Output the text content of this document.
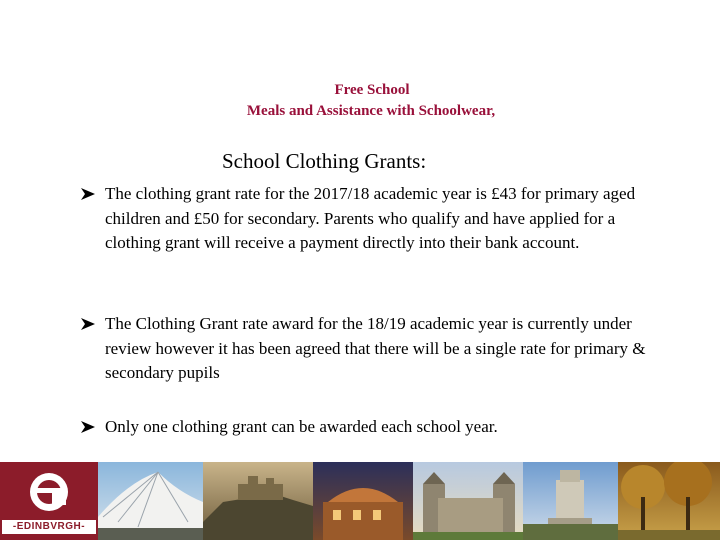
Free School
Meals and Assistance with Schoolwear,
School Clothing Grants:
The clothing grant rate for the 2017/18 academic year is £43 for primary aged children and £50 for secondary. Parents who qualify and have applied for a clothing grant will receive a payment directly into their bank account.
The Clothing Grant rate award for the 18/19 academic year is currently under review however it has been agreed that there will be a single rate for primary & secondary pupils
Only one clothing grant can be awarded each school year.
-EDINBVRGH-
